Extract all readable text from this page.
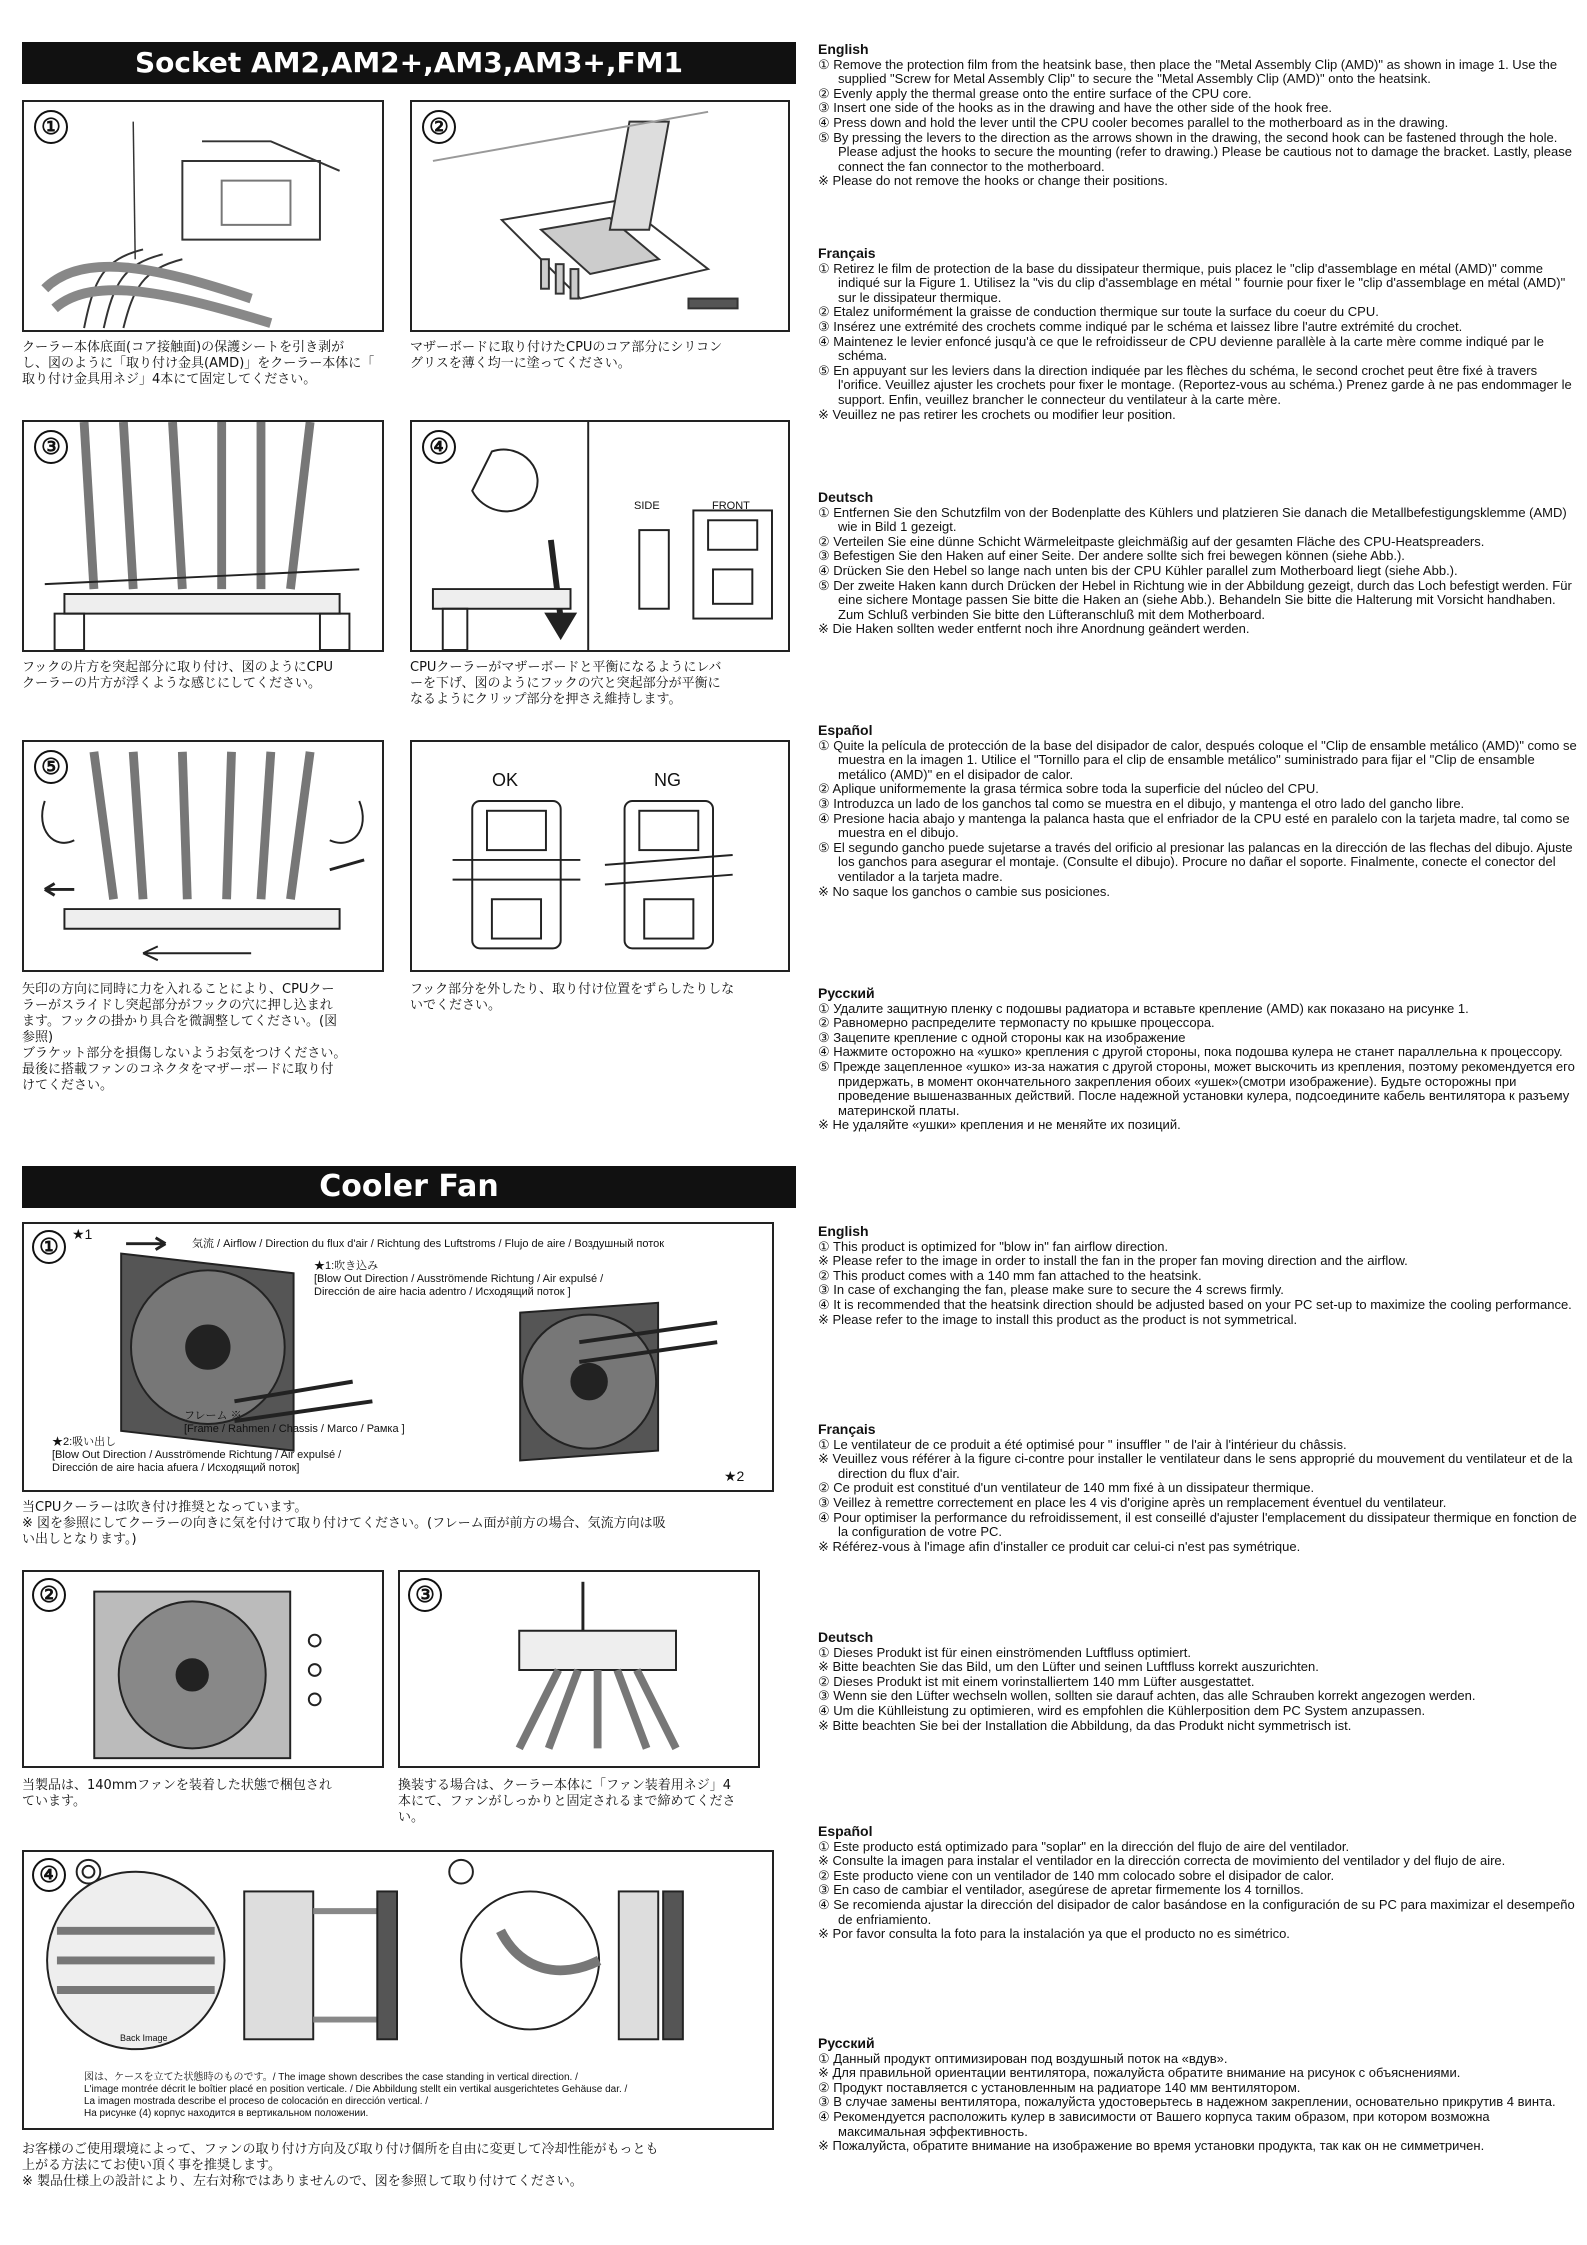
Socket AM2,AM2+,AM3,AM3+,FM1
①	②
クーラー本体底面(コア接触面)の保護シートを引き剥が
し、図のように「取り付け金具(AMD)」をクーラー本体に「
取り付け金具用ネジ」4本にて固定してください。
マザーボードに取り付けたCPUのコア部分にシリコン
グリスを薄く均一に塗ってください。
③	④
SIDE	FRONT
フックの片方を突起部分に取り付け、図のようにCPU
クーラーの片方が浮くような感じにしてください。
CPUクーラーがマザーボードと平衡になるようにレバ
ーを下げ、図のようにフックの穴と突起部分が平衡に
なるようにクリップ部分を押さえ維持します。
⑤
OK	NG
矢印の方向に同時に力を入れることにより、CPUクー
ラーがスライドし突起部分がフックの穴に押し込まれ
ます。フックの掛かり具合を微調整してください。(図
参照)
ブラケット部分を損傷しないようお気をつけください。
最後に搭載ファンのコネクタをマザーボードに取り付
けてください。
フック部分を外したり、取り付け位置をずらしたりしな
いでください。
Cooler Fan
① ★1
気流 / Airflow / Direction du flux d'air / Richtung des Luftstroms / Flujo de aire / Воздушный поток
★1:吹き込み
[Blow Out Direction / Ausströmende Richtung / Air expulsé /
Dirección de aire hacia adentro / Исходящий поток ]
フレーム ※
[Frame / Rahmen / Chassis / Marco / Рамка ]
★2:吸い出し
[Blow Out Direction / Ausströmende Richtung / Air expulsé /
Dirección de aire hacia afuera / Исходящий поток]	★2
当CPUクーラーは吹き付け推奨となっています。
※ 図を参照にしてクーラーの向きに気を付けて取り付けてください。(フレーム面が前方の場合、気流方向は吸
い出しとなります。)
②	③
当製品は、140mmファンを装着した状態で梱包され
ています。
換装する場合は、クーラー本体に「ファン装着用ネジ」4
本にて、ファンがしっかりと固定されるまで締めてくださ
い。
④
Back Image
図は、ケースを立てた状態時のものです。/ The image shown describes the case standing in vertical direction. /
L'image montrée décrit le boîtier placé en position verticale. / Die Abbildung stellt ein vertikal ausgerichtetes Gehäuse dar. /
La imagen mostrada describe el proceso de colocación en dirección vertical. /
На рисунке (4) корпус находится в вертикальном положении.
お客様のご使用環境によって、ファンの取り付け方向及び取り付け個所を自由に変更して冷却性能がもっとも
上がる方法にてお使い頂く事を推奨します。
※ 製品仕様上の設計により、左右対称ではありませんので、図を参照して取り付けてください。
English

① Remove the protection film from the heatsink base, then place the "Metal Assembly Clip (AMD)" as shown in image 1. Use the supplied "Screw for Metal Assembly Clip" to secure the "Metal Assembly Clip (AMD)" onto the heatsink.

② Evenly apply the thermal grease onto the entire surface of the CPU core.

③ Insert one side of the hooks as in the drawing and have the other side of the hook free.

④ Press down and hold the lever until the CPU cooler becomes parallel to the motherboard as in the drawing.

⑤ By pressing the levers to the direction as the arrows shown in the drawing, the second hook can be fastened through the hole. Please adjust the hooks to secure the mounting (refer to drawing.) Please be cautious not to damage the bracket. Lastly, please connect the fan connector to the motherboard.

※ Please do not remove the hooks or change their positions.

Français

① Retirez le film de protection de la base du dissipateur thermique, puis placez le "clip d'assemblage en métal (AMD)" comme indiqué sur la Figure 1. Utilisez la "vis du clip d'assemblage en métal " fournie pour fixer le "clip d'assemblage en métal (AMD)" sur le dissipateur thermique.

② Etalez uniformément la graisse de conduction thermique sur toute la surface du coeur du CPU.

③ Insérez une extrémité des crochets comme indiqué par le schéma et laissez libre l'autre extrémité du crochet.

④ Maintenez le levier enfoncé jusqu'à ce que le refroidisseur de CPU devienne parallèle à la carte mère comme indiqué par le schéma.

⑤ En appuyant sur les leviers dans la direction indiquée par les flèches du schéma, le second crochet peut être fixé à travers l'orifice. Veuillez ajuster les crochets pour fixer le montage. (Reportez-vous au schéma.) Prenez garde à ne pas endommager le support. Enfin, veuillez brancher le connecteur du ventilateur à la carte mère.

※ Veuillez ne pas retirer les crochets ou modifier leur position.

Deutsch

① Entfernen Sie den Schutzfilm von der Bodenplatte des Kühlers und platzieren Sie danach die Metallbefestigungsklemme (AMD) wie in Bild 1 gezeigt.

② Verteilen Sie eine dünne Schicht Wärmeleitpaste gleichmäßig auf der gesamten Fläche des CPU-Heatspreaders.

③ Befestigen Sie den Haken auf einer Seite. Der andere sollte sich frei bewegen können (siehe Abb.).

④ Drücken Sie den Hebel so lange nach unten bis der CPU Kühler parallel zum Motherboard liegt (siehe Abb.).

⑤ Der zweite Haken kann durch Drücken der Hebel in Richtung wie in der Abbildung gezeigt, durch das Loch befestigt werden. Für eine sichere Montage passen Sie bitte die Haken an (siehe Abb.). Behandeln Sie bitte die Halterung mit Vorsicht handhaben. Zum Schluß verbinden Sie bitte den Lüfteranschluß mit dem Motherboard.

※ Die Haken sollten weder entfernt noch ihre Anordnung geändert werden.

Español

① Quite la película de protección de la base del disipador de calor, después coloque el "Clip de ensamble metálico (AMD)" como se muestra en la imagen 1. Utilice el "Tornillo para el clip de ensamble metálico" suministrado para fijar el "Clip de ensamble metálico (AMD)" en el disipador de calor.

② Aplique uniformemente la grasa térmica sobre toda la superficie del núcleo del CPU.

③ Introduzca un lado de los ganchos tal como se muestra en el dibujo, y mantenga el otro lado del gancho libre.

④ Presione hacia abajo y mantenga la palanca hasta que el enfriador de la CPU esté en paralelo con la tarjeta madre, tal como se muestra en el dibujo.

⑤ El segundo gancho puede sujetarse a través del orificio al presionar las palancas en la dirección de las flechas del dibujo. Ajuste los ganchos para asegurar el montaje. (Consulte el dibujo). Procure no dañar el soporte. Finalmente, conecte el conector del ventilador a la tarjeta madre.

※ No saque los ganchos o cambie sus posiciones.

Русский

① Удалите защитную пленку с подошвы радиатора и вставьте крепление (AMD) как показано на рисунке 1.

② Равномерно распределите термопасту по крышке процессора.

③ Зацепите крепление с одной стороны как на изображение

④ Нажмите осторожно на «ушко» крепления с другой стороны, пока подошва кулера не станет параллельна к процессору.

⑤ Прежде зацепленное «ушко» из-за нажатия с другой стороны, может выскочить из крепления, поэтому рекомендуется его придержать, в момент окончательного закрепления обоих «ушек»(смотри изображение). Будьте осторожны при проведение вышеназванных действий. После надежной установки кулера, подсоедините кабель вентилятора к разъему материнской платы.

※ Не удаляйте «ушки» крепления и не меняйте их позиций.

English

① This product is optimized for "blow in" fan airflow direction.

※ Please refer to the image in order to install the fan in the proper fan moving direction and the airflow.

② This product comes with a 140 mm fan attached to the heatsink.

③ In case of exchanging the fan, please make sure to secure the 4 screws firmly.

④ It is recommended that the heatsink direction should be adjusted based on your PC set-up to maximize the cooling performance.

※ Please refer to the image to install this product as the product is not symmetrical.

Français

① Le ventilateur de ce produit a été optimisé pour " insuffler " de l'air à l'intérieur du châssis.

※ Veuillez vous référer à la figure ci-contre pour installer le ventilateur dans le sens approprié du mouvement du ventilateur et de la direction du flux d'air.

② Ce produit est constitué d'un ventilateur de 140 mm fixé à un dissipateur thermique.

③ Veillez à remettre correctement en place les 4 vis d'origine après un remplacement éventuel du ventilateur.

④ Pour optimiser la performance du refroidissement, il est conseillé d'ajuster l'emplacement du dissipateur thermique en fonction de la configuration de votre PC.

※ Référez-vous à l'image afin d'installer ce produit car celui-ci n'est pas symétrique.

Deutsch

① Dieses Produkt ist für einen einströmenden Luftfluss optimiert.

※ Bitte beachten Sie das Bild, um den Lüfter und seinen Luftfluss korrekt auszurichten.

② Dieses Produkt ist mit einem vorinstalliertem 140 mm Lüfter ausgestattet.

③ Wenn sie den Lüfter wechseln wollen, sollten sie darauf achten, das alle Schrauben korrekt angezogen werden.

④ Um die Kühlleistung zu optimieren, wird es empfohlen die Kühlerposition dem PC System anzupassen.

※ Bitte beachten Sie bei der Installation die Abbildung, da das Produkt nicht symmetrisch ist.

Español

① Este producto está optimizado para "soplar" en la dirección del flujo de aire del ventilador.

※ Consulte la imagen para instalar el ventilador en la dirección correcta de movimiento del ventilador y del flujo de aire.

② Este producto viene con un ventilador de 140 mm colocado sobre el disipador de calor.

③ En caso de cambiar el ventilador, asegúrese de apretar firmemente los 4 tornillos.

④ Se recomienda ajustar la dirección del disipador de calor basándose en la configuración de su PC para maximizar el desempeño de enfriamiento.

※ Por favor consulta la foto para la instalación ya que el producto no es simétrico.

Русский

① Данный продукт оптимизирован под воздушный поток на «вдув».

※ Для правильной ориентации вентилятора, пожалуйста обратите внимание на рисунок с объяснениями.

② Продукт поставляется с установленным на радиаторе 140 мм вентилятором.

③ В случае замены вентилятора, пожалуйста удостоверьтесь в надежном закреплении, основательно прикрутив 4 винта.

④ Рекомендуется расположить кулер в зависимости от Вашего корпуса таким образом, при котором возможна максимальная эффективность.

※ Пожалуйста, обратите внимание на изображение во время установки продукта, так как он не симметричен.
